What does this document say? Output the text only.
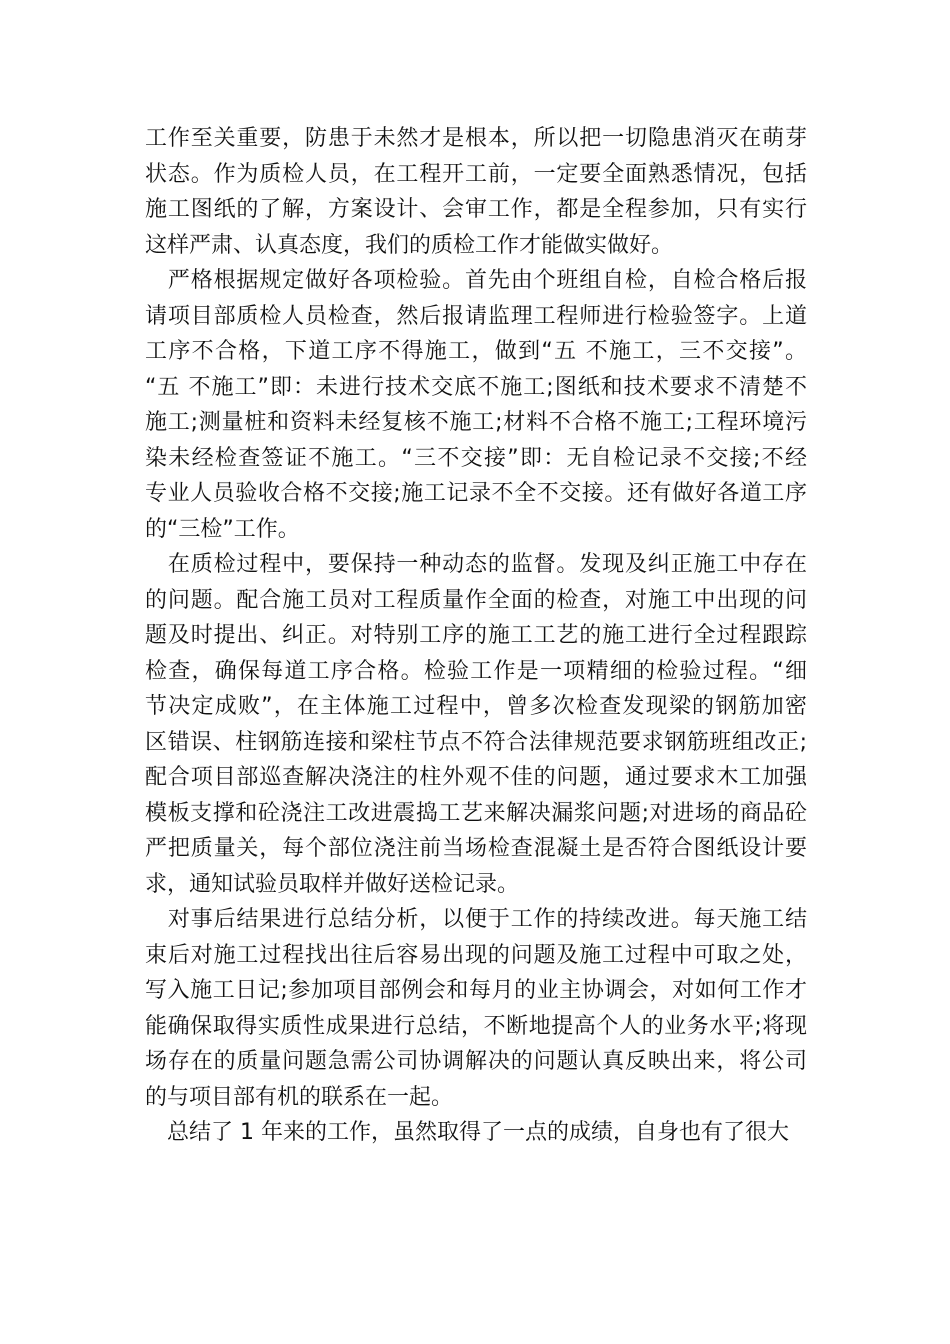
工作至关重要，防患于未然才是根本，所以把一切隐患消灭在萌芽
状态。作为质检人员，在工程开工前，一定要全面熟悉情况，包括
施工图纸的了解，方案设计、会审工作，都是全程参加，只有实行
这样严肃、认真态度，我们的质检工作才能做实做好。
　严格根据规定做好各项检验。首先由个班组自检，自检合格后报
请项目部质检人员检查，然后报请监理工程师进行检验签字。上道
工序不合格，下道工序不得施工，做到“五 不施工，三不交接”。
“五 不施工”即：未进行技术交底不施工;图纸和技术要求不清楚不
施工;测量桩和资料未经复核不施工;材料不合格不施工;工程环境污
染未经检查签证不施工。“三不交接”即：无自检记录不交接;不经
专业人员验收合格不交接;施工记录不全不交接。还有做好各道工序
的“三检”工作。
　在质检过程中，要保持一种动态的监督。发现及纠正施工中存在
的问题。配合施工员对工程质量作全面的检查，对施工中出现的问
题及时提出、纠正。对特别工序的施工工艺的施工进行全过程跟踪
检查，确保每道工序合格。检验工作是一项精细的检验过程。“细
节决定成败”，在主体施工过程中，曾多次检查发现梁的钢筋加密
区错误、柱钢筋连接和梁柱节点不符合法律规范要求钢筋班组改正;
配合项目部巡查解决浇注的柱外观不佳的问题，通过要求木工加强
模板支撑和砼浇注工改进震捣工艺来解决漏浆问题;对进场的商品砼
严把质量关，每个部位浇注前当场检查混凝土是否符合图纸设计要
求，通知试验员取样并做好送检记录。
　对事后结果进行总结分析，以便于工作的持续改进。每天施工结
束后对施工过程找出往后容易出现的问题及施工过程中可取之处，
写入施工日记;参加项目部例会和每月的业主协调会，对如何工作才
能确保取得实质性成果进行总结，不断地提高个人的业务水平;将现
场存在的质量问题急需公司协调解决的问题认真反映出来，将公司
的与项目部有机的联系在一起。
　总结了 1 年来的工作，虽然取得了一点的成绩，自身也有了很大
